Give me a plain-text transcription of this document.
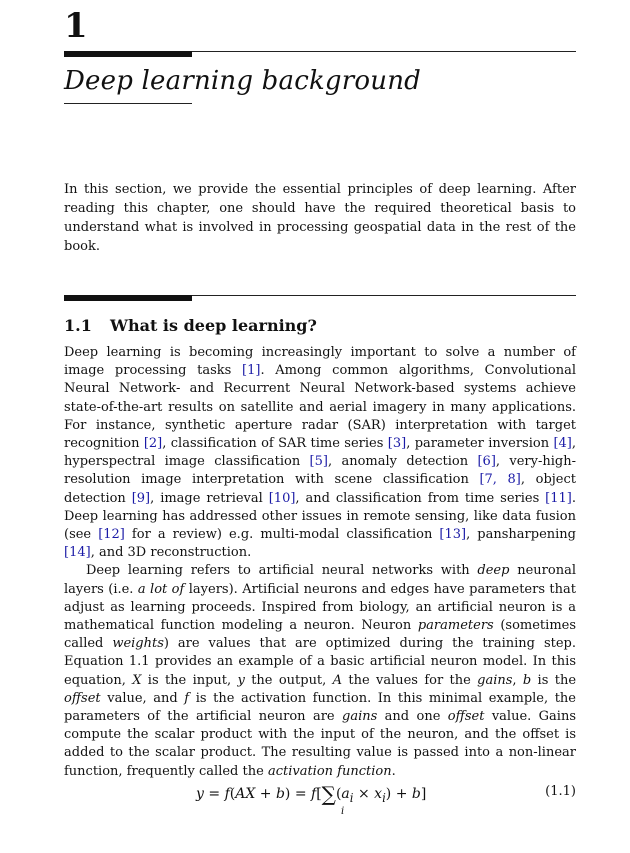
1
Deep learning background
In this section, we provide the essential principles of deep learning. After reading this chapter, one should have the required theoretical basis to understand what is involved in processing geospatial data in the rest of the book.
1.1 What is deep learning?

Deep learning is becoming increasingly important to solve a number of image processing tasks [1]. Among common algorithms, Convolutional Neural Network- and Recurrent Neural Network-based systems achieve state-of-the-art results on satellite and aerial imagery in many applications. For instance, synthetic aperture radar (SAR) interpretation with target recognition [2], classification of SAR time series [3], parameter inversion [4], hyperspectral image classification [5], anomaly detection [6], very-high-resolution image interpretation with scene classification [7, 8], object detection [9], image retrieval [10], and classification from time series [11]. Deep learning has addressed other issues in remote sensing, like data fusion (see [12] for a review) e.g. multi-modal classification [13], pansharpening [14], and 3D reconstruction.

Deep learning refers to artificial neural networks with deep neuronal layers (i.e. a lot of layers). Artificial neurons and edges have parameters that adjust as learning proceeds. Inspired from biology, an artificial neuron is a mathematical function modeling a neuron. Neuron parameters (sometimes called weights) are values that are optimized during the training step. Equation 1.1 provides an example of a basic artificial neuron model. In this equation, X is the input, y the output, A the values for the gains, b is the offset value, and f is the activation function. In this minimal example, the parameters of the artificial neuron are gains and one offset value. Gains compute the scalar product with the input of the neuron, and the offset is added to the scalar product. The resulting value is passed into a non-linear function, frequently called the activation function.

$y = f(AX + b) = f[\sum(a_i \times x_i) + b]$
i
(1.1)
